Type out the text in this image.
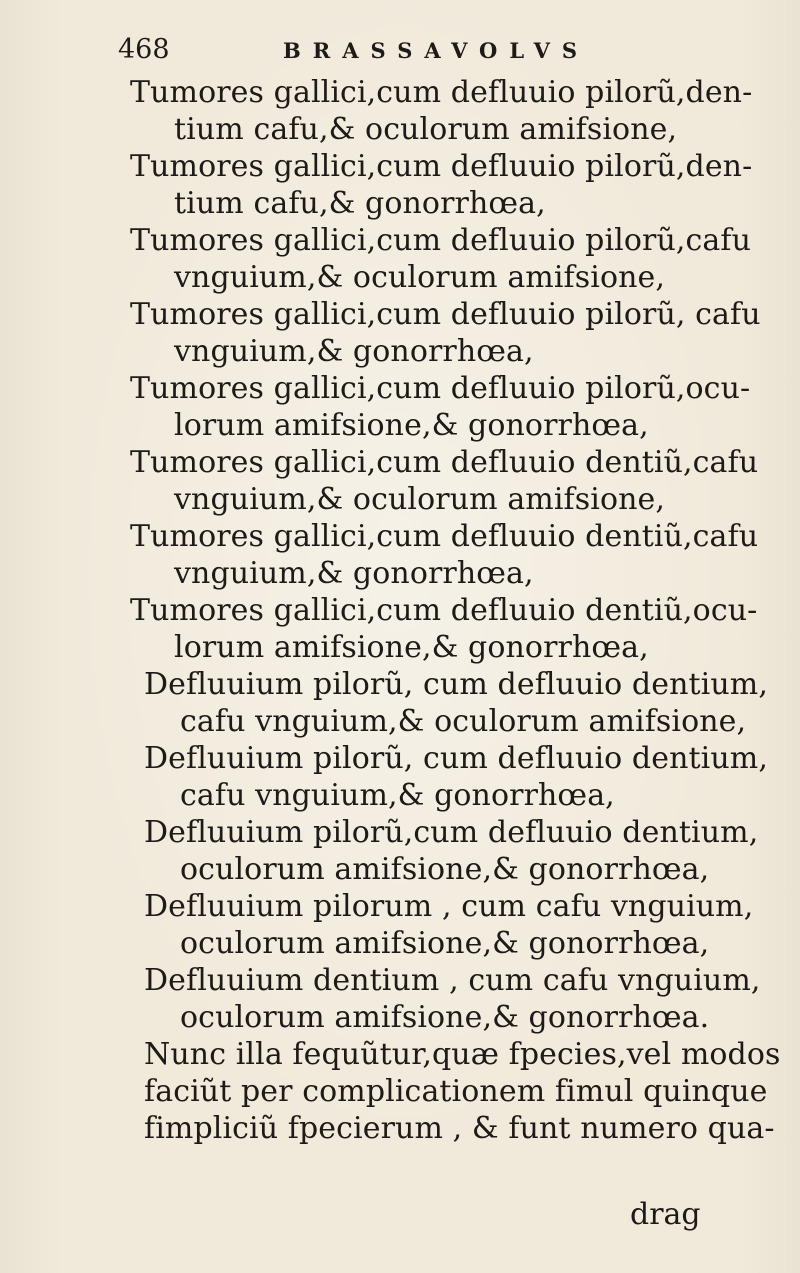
468	BRASSAVOLVS
Tumores gallici,cum defluuio pilorũ,den-
tium cafu,& oculorum amifsione,
Tumores gallici,cum defluuio pilorũ,den-
tium cafu,& gonorrhœa,
Tumores gallici,cum defluuio pilorũ,cafu
vnguium,& oculorum amifsione,
Tumores gallici,cum defluuio pilorũ, cafu
vnguium,& gonorrhœa,
Tumores gallici,cum defluuio pilorũ,ocu-
lorum amifsione,& gonorrhœa,
Tumores gallici,cum defluuio dentiũ,cafu
vnguium,& oculorum amifsione,
Tumores gallici,cum defluuio dentiũ,cafu
vnguium,& gonorrhœa,
Tumores gallici,cum defluuio dentiũ,ocu-
lorum amifsione,& gonorrhœa,
Defluuium pilorũ, cum defluuio dentium,
cafu vnguium,& oculorum amifsione,
Defluuium pilorũ, cum defluuio dentium,
cafu vnguium,& gonorrhœa,
Defluuium pilorũ,cum defluuio dentium,
oculorum amifsione,& gonorrhœa,
Defluuium pilorum , cum cafu vnguium,
oculorum amifsione,& gonorrhœa,
Defluuium dentium , cum cafu vnguium,
oculorum amifsione,& gonorrhœa.
Nunc illa fequũtur,quæ fpecies,vel modos
faciũt per complicationem fimul quinque
fimpliciũ fpecierum , & funt numero qua-
drag
